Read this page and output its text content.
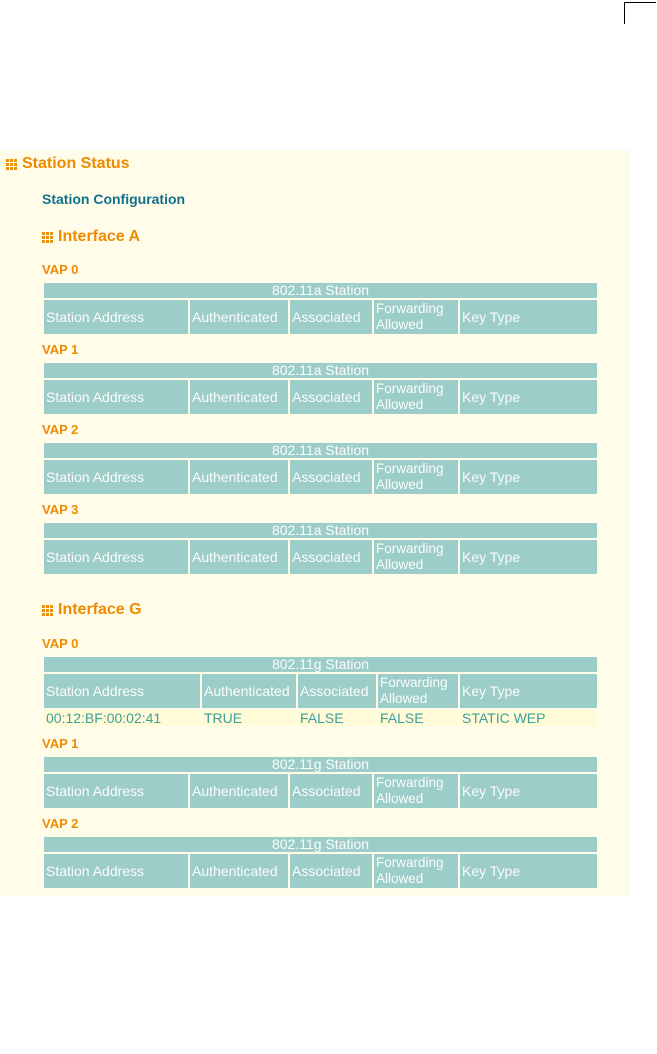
Station Status
Station Configuration
Interface A
VAP 0
802.11a Station
Station Address	Authenticated	Associated	Forwarding Allowed	Key Type
VAP 1
802.11a Station
Station Address	Authenticated	Associated	Forwarding Allowed	Key Type
VAP 2
802.11a Station
Station Address	Authenticated	Associated	Forwarding Allowed	Key Type
VAP 3
802.11a Station
Station Address	Authenticated	Associated	Forwarding Allowed	Key Type
Interface G
VAP 0
802.11g Station				
Station Address	Authenticated	Associated	Forwarding Allowed	Key Type
00:12:BF:00:02:41	TRUE	FALSE	FALSE	STATIC WEP
VAP 1
802.11g Station
Station Address	Authenticated	Associated	Forwarding Allowed	Key Type
VAP 2
802.11g Station
Station Address	Authenticated	Associated	Forwarding Allowed	Key Type
